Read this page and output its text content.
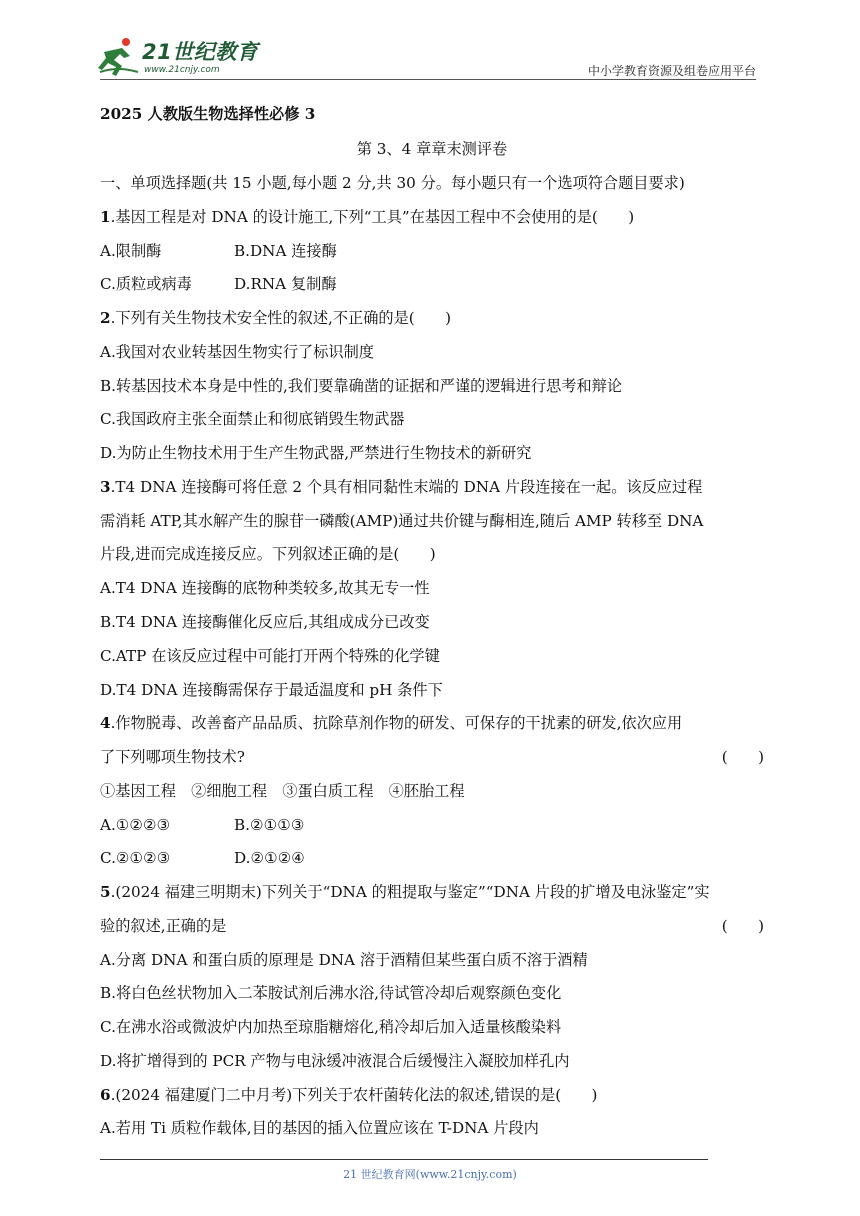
21世纪教育
www.21cnjy.com	中小学教育资源及组卷应用平台
2025 人教版生物选择性必修 3
第 3、4 章章末测评卷
一、单项选择题(共 15 小题,每小题 2 分,共 30 分。每小题只有一个选项符合题目要求)
1.基因工程是对 DNA 的设计施工,下列“工具”在基因工程中不会使用的是(　　)
A.限制酶	B.DNA 连接酶
C.质粒或病毒	D.RNA 复制酶
2.下列有关生物技术安全性的叙述,不正确的是(　　)
A.我国对农业转基因生物实行了标识制度
B.转基因技术本身是中性的,我们要靠确凿的证据和严谨的逻辑进行思考和辩论
C.我国政府主张全面禁止和彻底销毁生物武器
D.为防止生物技术用于生产生物武器,严禁进行生物技术的新研究
3.T4 DNA 连接酶可将任意 2 个具有相同黏性末端的 DNA 片段连接在一起。该反应过程
需消耗 ATP,其水解产生的腺苷一磷酸(AMP)通过共价键与酶相连,随后 AMP 转移至 DNA
片段,进而完成连接反应。下列叙述正确的是(　　)
A.T4 DNA 连接酶的底物种类较多,故其无专一性
B.T4 DNA 连接酶催化反应后,其组成成分已改变
C.ATP 在该反应过程中可能打开两个特殊的化学键
D.T4 DNA 连接酶需保存于最适温度和 pH 条件下
4.作物脱毒、改善畜产品品质、抗除草剂作物的研发、可保存的干扰素的研发,依次应用
了下列哪项生物技术?	(　　)
①基因工程　②细胞工程　③蛋白质工程　④胚胎工程
A.①②②③	B.②①①③
C.②①②③	D.②①②④
5.(2024 福建三明期末)下列关于“DNA 的粗提取与鉴定”“DNA 片段的扩增及电泳鉴定”实
验的叙述,正确的是	(　　)
A.分离 DNA 和蛋白质的原理是 DNA 溶于酒精但某些蛋白质不溶于酒精
B.将白色丝状物加入二苯胺试剂后沸水浴,待试管冷却后观察颜色变化
C.在沸水浴或微波炉内加热至琼脂糖熔化,稍冷却后加入适量核酸染料
D.将扩增得到的 PCR 产物与电泳缓冲液混合后缓慢注入凝胶加样孔内
6.(2024 福建厦门二中月考)下列关于农杆菌转化法的叙述,错误的是(　　)
A.若用 Ti 质粒作载体,目的基因的插入位置应该在 T-DNA 片段内
21 世纪教育网(www.21cnjy.com)
